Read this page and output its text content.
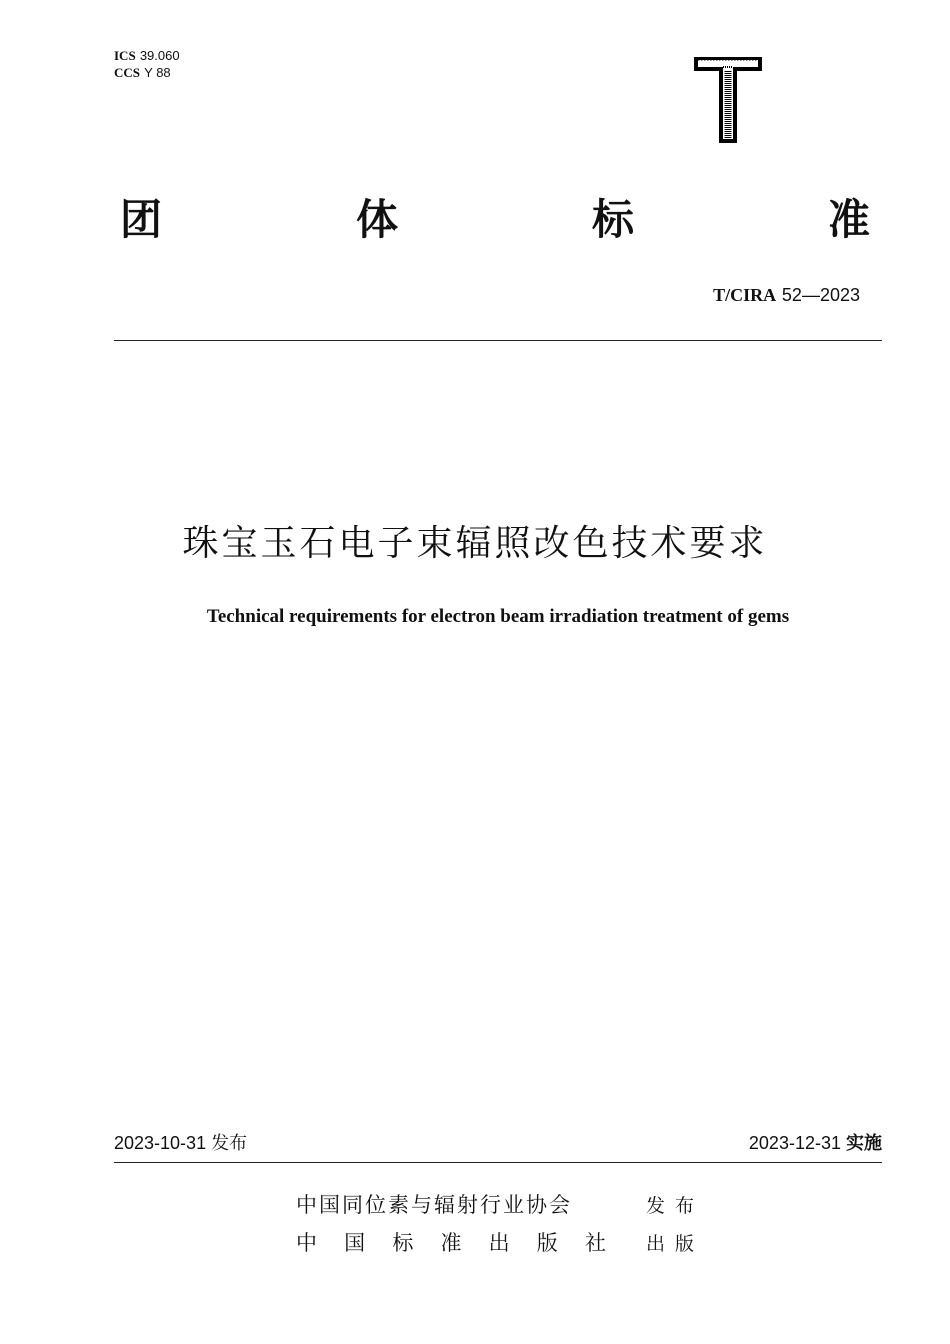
ICS 39.060
CCS Y 88
团	体	标	准
T/CIRA 52—2023
珠宝玉石电子束辐照改色技术要求
Technical requirements for electron beam irradiation treatment of gems
2023-10-31 发布	2023-12-31 实施
中国同位素与辐射行业协会	发布
中 国 标 准 出 版 社 出版
